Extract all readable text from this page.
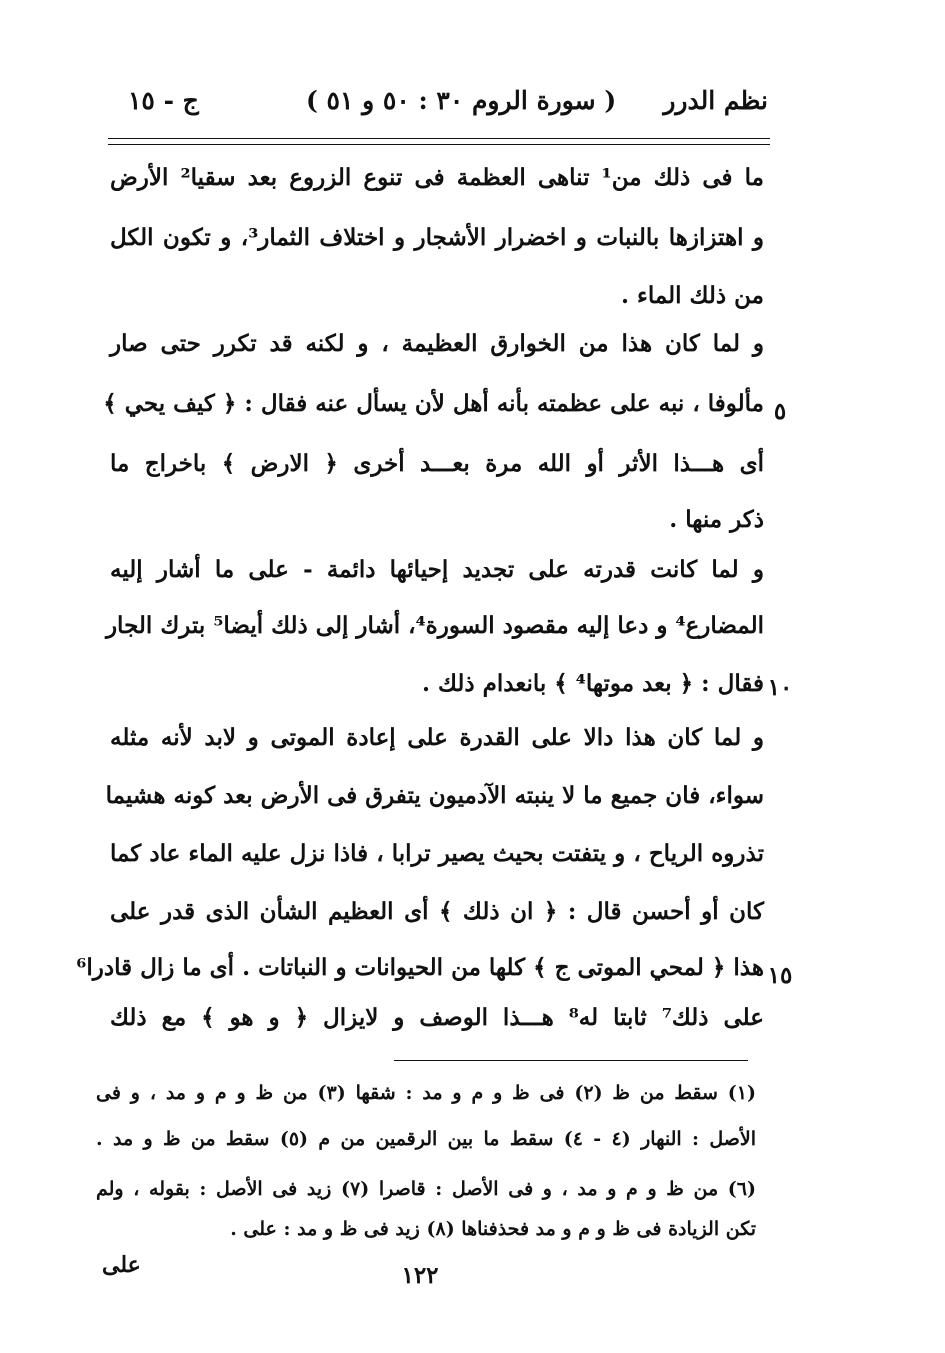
نظم الدرر
( سورة الروم ٣٠ : ٥٠ و ٥١ )
ج - ١٥
ما فى ذلك من¹ تناهى العظمة فى تنوع الزروع بعد سقيا² الأرض
و اهتزازها بالنبات و اخضرار الأشجار و اختلاف الثمار³، و تكون الكل
من ذلك الماء .
و لما كان هذا من الخوارق العظيمة ، و لكنه قد تكرر حتى صار
مألوفا ، نبه على عظمته بأنه أهل لأن يسأل عنه فقال : ﴿ كيف يحي ﴾ ٥
أى هـــذا الأثر أو الله مرة بعـــد أخرى ﴿ الارض ﴾ باخراج ما
ذكر منها .
و لما كانت قدرته على تجديد إحيائها دائمة - على ما أشار إليه
المضارع⁴ و دعا إليه مقصود السورة⁴، أشار إلى ذلك أيضا⁵ بترك الجار
فقال : ﴿ بعد موتها⁴ ﴾ بانعدام ذلك . ١٠
و لما كان هذا دالا على القدرة على إعادة الموتى و لابد لأنه مثله
سواء، فان جميع ما لا ينبته الآدميون يتفرق فى الأرض بعد كونه هشيما
تذروه الرياح ، و يتفتت بحيث يصير ترابا ، فاذا نزل عليه الماء عاد كما
كان أو أحسن قال : ﴿ ان ذلك ﴾ أى العظيم الشأن الذى قدر على
هذا ﴿ لمحي الموتى ج ﴾ كلها من الحيوانات و النباتات . أى ما زال قادرا⁶ ١٥
على ذلك⁷ ثابتا له⁸ هـــذا الوصف و لايزال ﴿ و هو ﴾ مع ذلك
(١) سقط من ظ (٢) فى ظ و م و مد : شقها (٣) من ظ و م و مد ، و فى
الأصل : النهار (٤ - ٤) سقط ما بين الرقمين من م (٥) سقط من ظ و مد .
(٦) من ظ و م و مد ، و فى الأصل : قاصرا (٧) زيد فى الأصل : بقوله ، ولم
تكن الزيادة فى ظ و م و مد فحذفناها (٨) زيد فى ظ و مد : على .
على	١٢٢
